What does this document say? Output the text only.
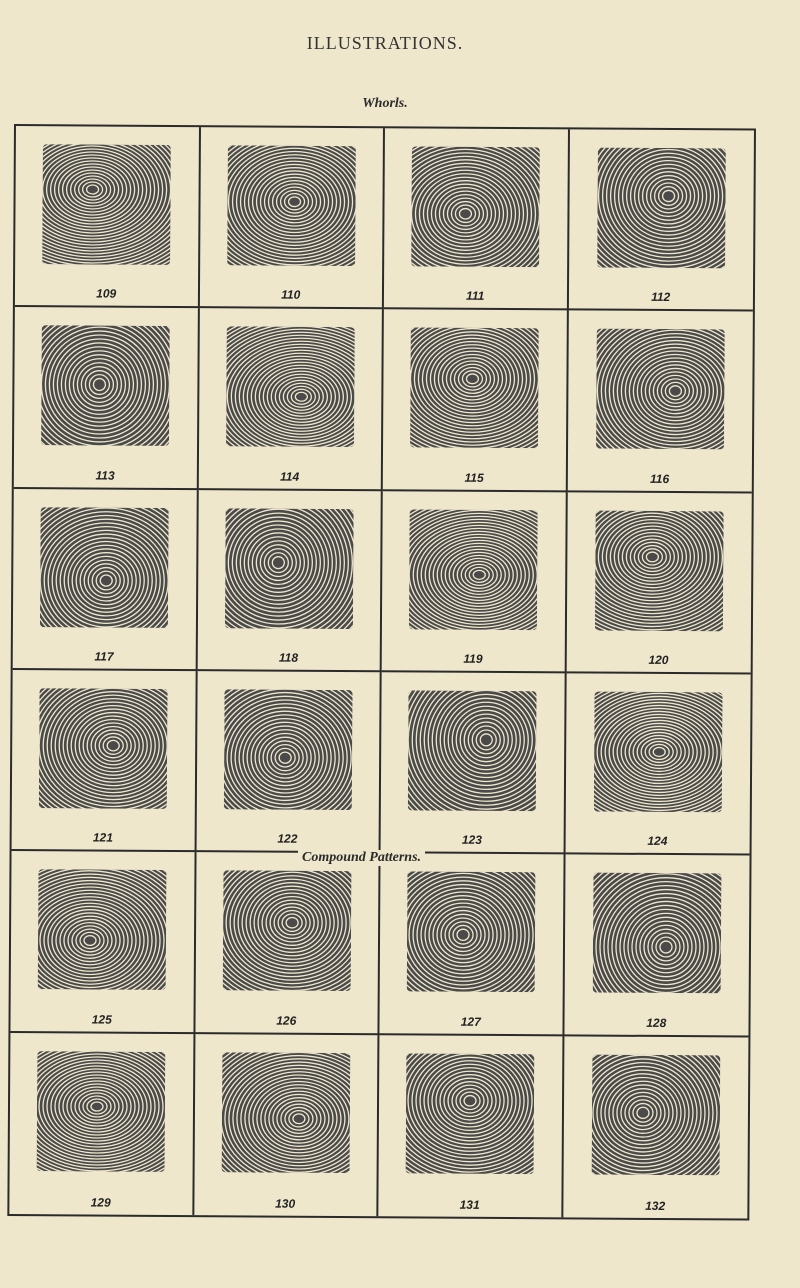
ILLUSTRATIONS.
Whorls.
109	110	111	112
113	114	115	116
117	118	119	120
121	122	123	124
125	126	127	128
129	130	131	132
Compound Patterns.
